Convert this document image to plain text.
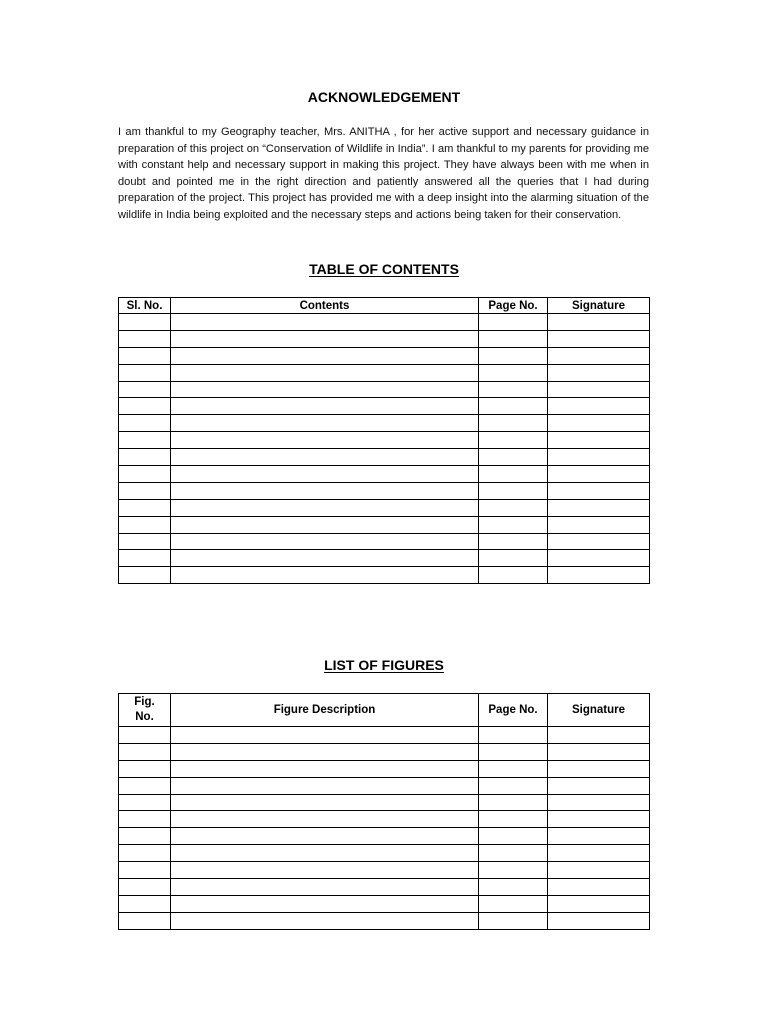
ACKNOWLEDGEMENT

I am thankful to my Geography teacher, Mrs. ANITHA , for her active support and necessary guidance in preparation of this project on “Conservation of Wildlife in India”. I am thankful to my parents for providing me with constant help and necessary support in making this project. They have always been with me when in doubt and pointed me in the right direction and patiently answered all the queries that I had during preparation of the project. This project has provided me with a deep insight into the alarming situation of the wildlife in India being exploited and the necessary steps and actions being taken for their conservation.

TABLE OF CONTENTS
Sl. No.	Contents	Page No.	Signature

LIST OF FIGURES
Fig.
No.	Figure Description	Page No.	Signature
